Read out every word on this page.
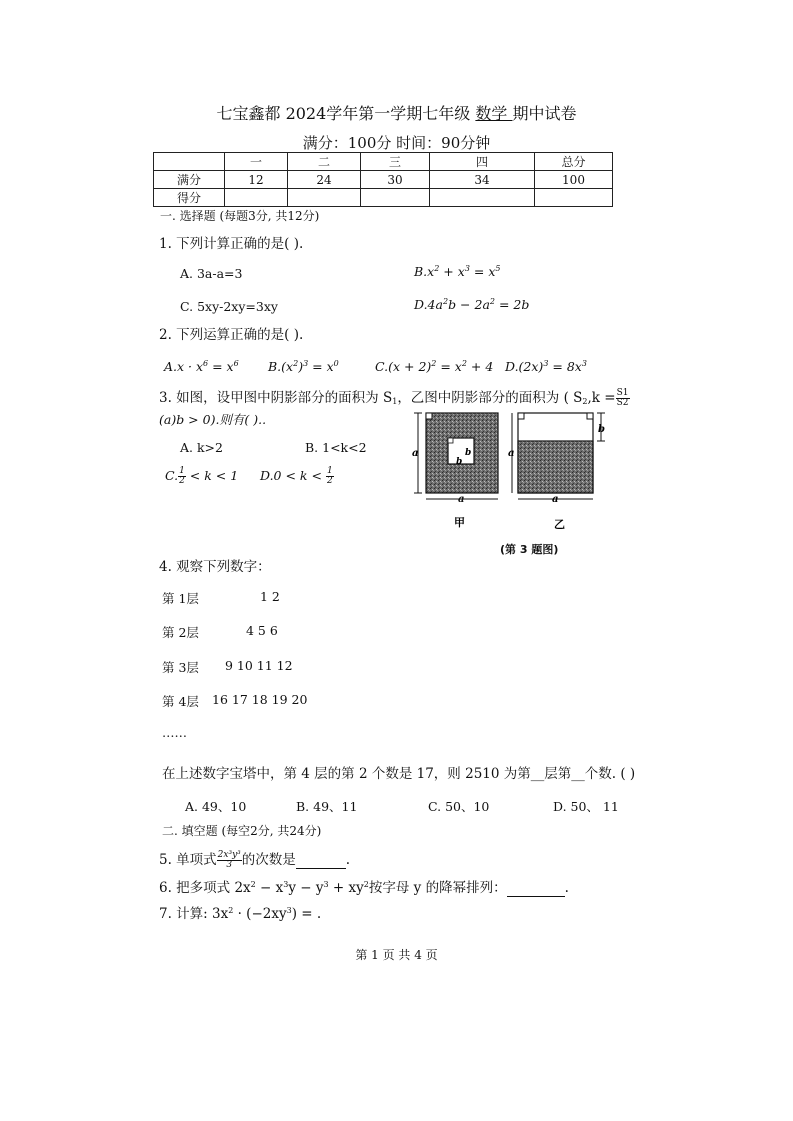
七宝鑫都 2024学年第一学期七年级 数学 期中试卷
满分：100分 时间：90分钟
	一	二	三	四	总分
满分	12	24	30	34	100
得分					
一. 选择题 (每题3分, 共12分)
1. 下列计算正确的是( ).
A. 3a-a=3	$B.x^2 + x^3 = x^5$
C. 5xy-2xy=3xy	$D.4a^2b - 2a^2 = 2b$
2. 下列运算正确的是( ).
$A.x \cdot x^6 = x^6$ $B.(x^2)^3 = x^0$	$C.(x + 2)^2 = x^2 + 4$ $D.(2x)^3 = 8x^3$
3. 如图，设甲图中阴影部分的面积为 $S_1$，乙图中阴影部分的面积为 ( $S_2,k = \frac{S1}{S2}$
(a)b > 0).则有( )..
A. k>2	B. 1<k<2
C. $\frac{1}{2} < k < 1$ $D.0 < k < \frac{1}{2}$
b
b
a
a
甲
b
a
a
乙
(第 3 题图)
4. 观察下列数字：
第 1层	1 2
第 2层	4 5 6
第 3层 9 10 11 12
第 4层 16 17 18 19 20
……
在上述数字宝塔中，第 4 层的第 2 个数是 17，则 2510 为第__层第__个数. ( )
A. 49、10	B. 49、11	C. 50、10	D. 50、 11
二. 填空题 (每空2分, 共24分)
5. 单项式 $\frac{\text{2x³y³}}{3}$ 的次数是	.
6. 把多项式 $2x^2 - x^3y - y^3 + xy^2$按字母 y 的降幂排列：	.
7. 计算: $3x^2 \cdot (-2xy^3)$ = .
第 1 页 共 4 页
